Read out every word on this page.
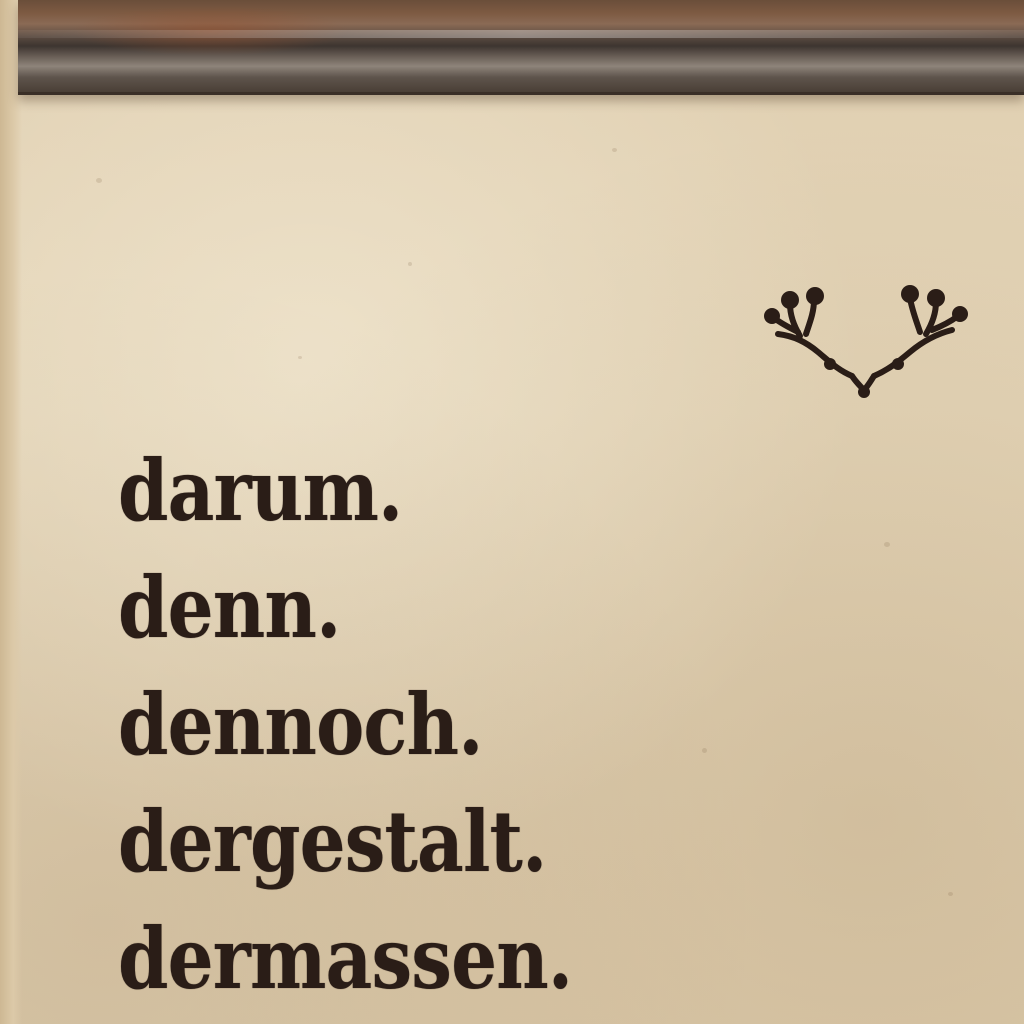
darum.
denn.
dennoch.
dergestalt.
dermassen.
